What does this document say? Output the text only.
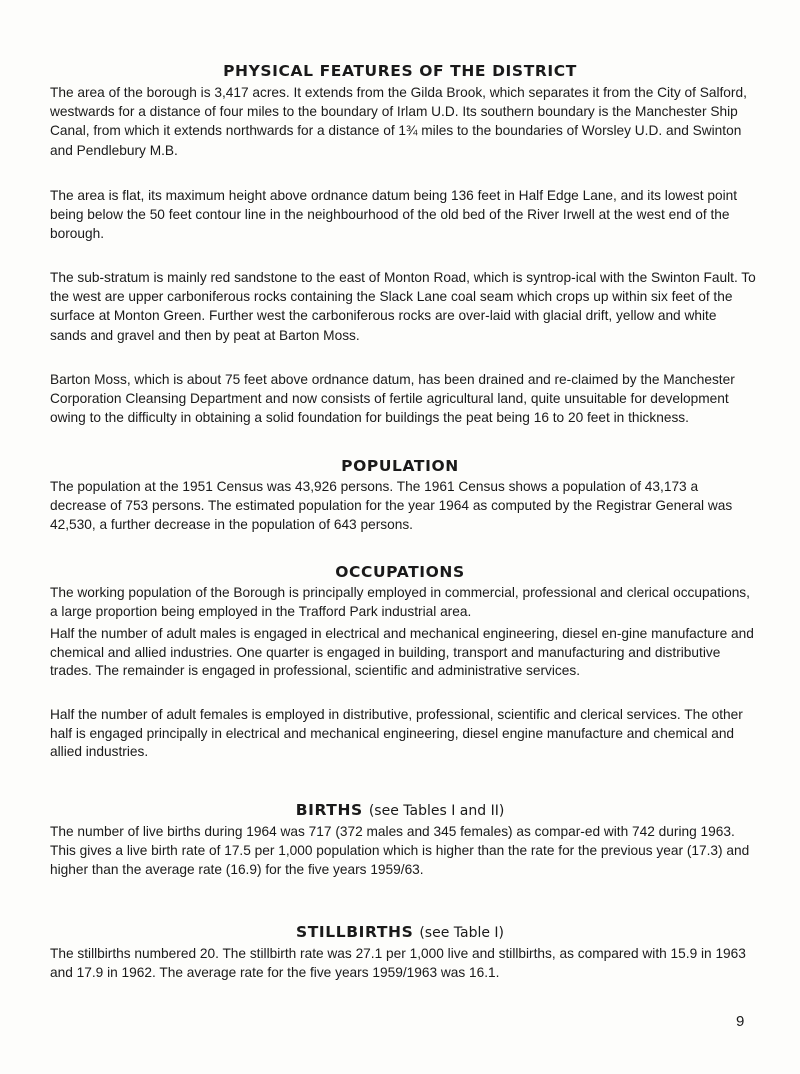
PHYSICAL FEATURES OF THE DISTRICT

The area of the borough is 3,417 acres. It extends from the Gilda Brook, which separates it from the City of Salford, westwards for a distance of four miles to the boundary of Irlam U.D. Its southern boundary is the Manchester Ship Canal, from which it extends northwards for a distance of 1¾ miles to the boundaries of Worsley U.D. and Swinton and Pendlebury M.B.

The area is flat, its maximum height above ordnance datum being 136 feet in Half Edge Lane, and its lowest point being below the 50 feet contour line in the neighbourhood of the old bed of the River Irwell at the west end of the borough.

The sub-stratum is mainly red sandstone to the east of Monton Road, which is syntrop-ical with the Swinton Fault. To the west are upper carboniferous rocks containing the Slack Lane coal seam which crops up within six feet of the surface at Monton Green. Further west the carboniferous rocks are over-laid with glacial drift, yellow and white sands and gravel and then by peat at Barton Moss.

Barton Moss, which is about 75 feet above ordnance datum, has been drained and re-claimed by the Manchester Corporation Cleansing Department and now consists of fertile agricultural land, quite unsuitable for development owing to the difficulty in obtaining a solid foundation for buildings the peat being 16 to 20 feet in thickness.

POPULATION

The population at the 1951 Census was 43,926 persons. The 1961 Census shows a population of 43,173 a decrease of 753 persons. The estimated population for the year 1964 as computed by the Registrar General was 42,530, a further decrease in the population of 643 persons.

OCCUPATIONS

The working population of the Borough is principally employed in commercial, professional and clerical occupations, a large proportion being employed in the Trafford Park industrial area.

Half the number of adult males is engaged in electrical and mechanical engineering, diesel en-gine manufacture and chemical and allied industries. One quarter is engaged in building, transport and manufacturing and distributive trades. The remainder is engaged in professional, scientific and administrative services.

Half the number of adult females is employed in distributive, professional, scientific and clerical services. The other half is engaged principally in electrical and mechanical engineering, diesel engine manufacture and chemical and allied industries.

BIRTHS (see Tables I and II)

The number of live births during 1964 was 717 (372 males and 345 females) as compar-ed with 742 during 1963. This gives a live birth rate of 17.5 per 1,000 population which is higher than the rate for the previous year (17.3) and higher than the average rate (16.9) for the five years 1959/63.

STILLBIRTHS (see Table I)

The stillbirths numbered 20. The stillbirth rate was 27.1 per 1,000 live and stillbirths, as compared with 15.9 in 1963 and 17.9 in 1962. The average rate for the five years 1959/1963 was 16.1.

9
